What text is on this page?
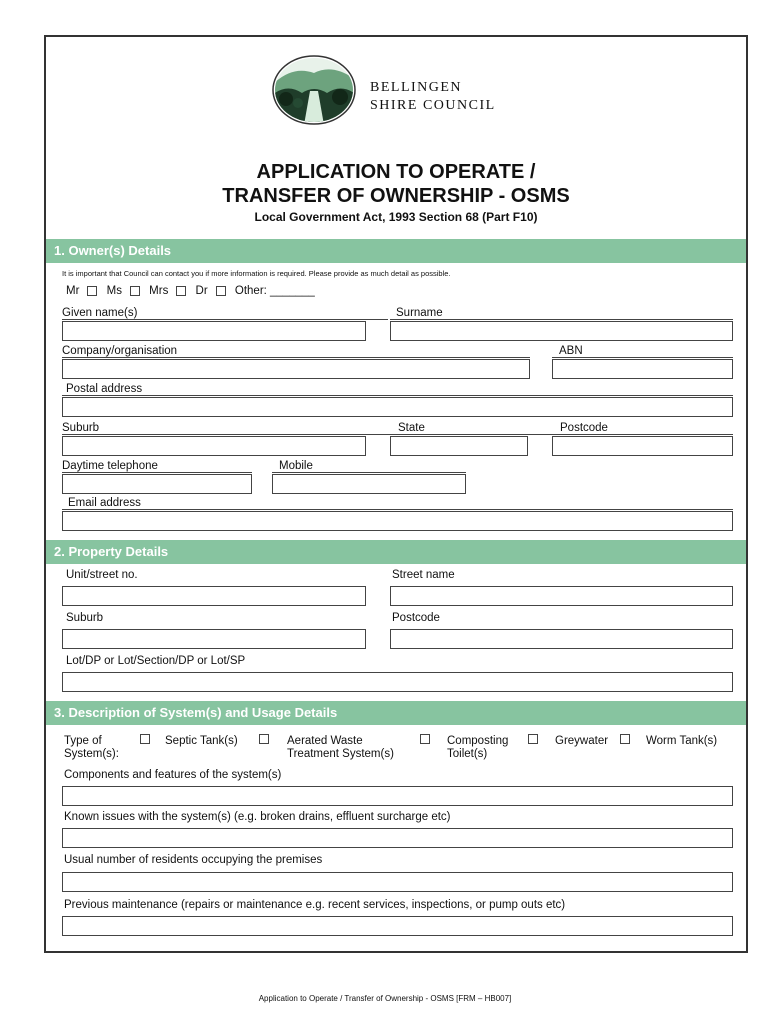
BELLINGEN
SHIRE COUNCIL
APPLICATION TO OPERATE /
TRANSFER OF OWNERSHIP - OSMS
Local Government Act, 1993 Section 68 (Part F10)
1. Owner(s) Details
It is important that Council can contact you if more information is required. Please provide as much detail as possible.
Mr Ms Mrs Dr Other: _______
Given name(s)	Surname
Company/organisation	ABN
Postal address
Suburb	State	Postcode
Daytime telephone	Mobile
Email address
2. Property Details
Unit/street no.	Street name
Suburb	Postcode
Lot/DP or Lot/Section/DP or Lot/SP
3. Description of System(s) and Usage Details
Type of System(s):
Septic Tank(s)	Aerated Waste Treatment System(s)
Composting Toilet(s)
Greywater	Worm Tank(s)
Components and features of the system(s)
Known issues with the system(s) (e.g. broken drains, effluent surcharge etc)
Usual number of residents occupying the premises
Previous maintenance (repairs or maintenance e.g. recent services, inspections, or pump outs etc)
Application to Operate / Transfer of Ownership - OSMS [FRM – HB007]
